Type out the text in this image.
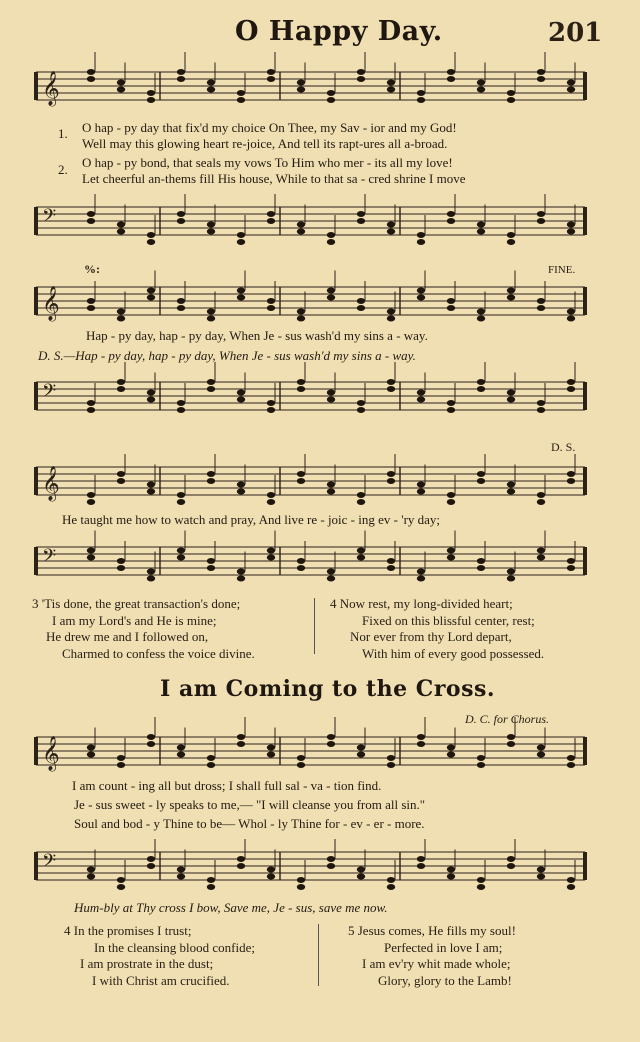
O Happy Day.	201
𝄞
1. O hap - py day that fix'd my choice On Thee, my Sav - ior and my God!
Well may this glowing heart re-joice, And tell its rapt-ures all a-broad.
2. O hap - py bond, that seals my vows To Him who mer - its all my love!
Let cheerful an-thems fill His house, While to that sa - cred shrine I move
𝄢
%:	FINE.
𝄞
Hap - py day, hap - py day, When Je - sus wash'd my sins a - way.
D. S.—Hap - py day, hap - py day, When Je - sus wash'd my sins a - way.
𝄢
D. S.
𝄞
He taught me how to watch and pray, And live re - joic - ing ev - 'ry day;
𝄢
3 'Tis done, the great transaction's done;
I am my Lord's and He is mine;
He drew me and I followed on,
Charmed to confess the voice divine.
4 Now rest, my long-divided heart;
Fixed on this blissful center, rest;
Nor ever from thy Lord depart,
With him of every good possessed.
I am Coming to the Cross.
D. C. for Chorus.
𝄞
I am count - ing all but dross; I shall full sal - va - tion find.
Je - sus sweet - ly speaks to me,— "I will cleanse you from all sin."
Soul and bod - y Thine to be— Whol - ly Thine for - ev - er - more.
𝄢
Hum-bly at Thy cross I bow, Save me, Je - sus, save me now.
4 In the promises I trust;
In the cleansing blood confide;
I am prostrate in the dust;
I with Christ am crucified.
5 Jesus comes, He fills my soul!
Perfected in love I am;
I am ev'ry whit made whole;
Glory, glory to the Lamb!
